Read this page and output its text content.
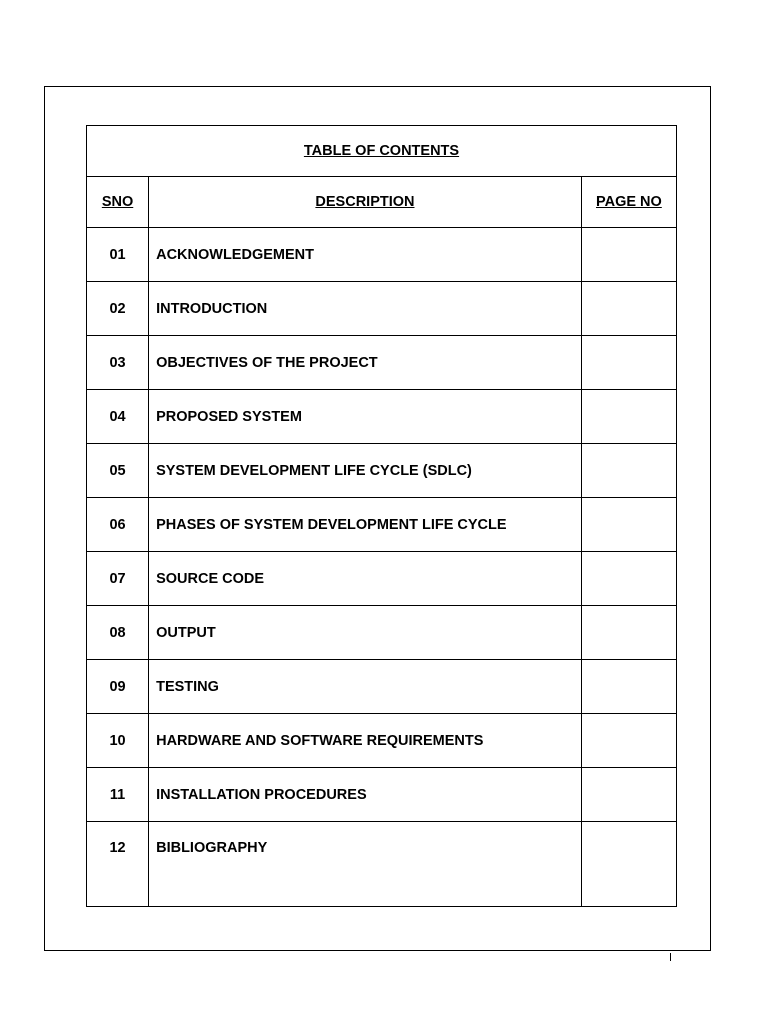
TABLE OF CONTENTS		
SNO	DESCRIPTION	PAGE NO
01	ACKNOWLEDGEMENT	
02	INTRODUCTION	
03	OBJECTIVES OF THE PROJECT	
04	PROPOSED SYSTEM	
05	SYSTEM DEVELOPMENT LIFE CYCLE (SDLC)	
06	PHASES OF SYSTEM DEVELOPMENT LIFE CYCLE	
07	SOURCE CODE	
08	OUTPUT	
09	TESTING	
10	HARDWARE AND SOFTWARE REQUIREMENTS	
11	INSTALLATION PROCEDURES	
12	BIBLIOGRAPHY	
